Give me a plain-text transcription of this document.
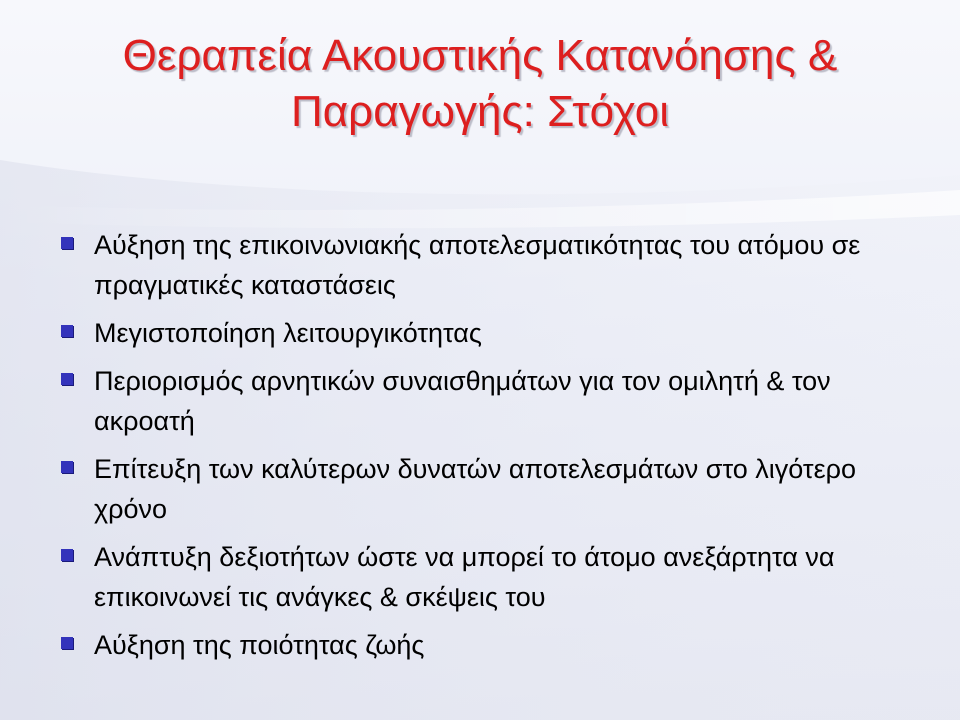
Θεραπεία Ακουστικής Κατανόησης &
Παραγωγής: Στόχοι
Αύξηση της επικοινωνιακής αποτελεσματικότητας του ατόμου σε πραγματικές καταστάσεις
Μεγιστοποίηση λειτουργικότητας
Περιορισμός αρνητικών συναισθημάτων για τον ομιλητή & τον ακροατή
Επίτευξη των καλύτερων δυνατών αποτελεσμάτων στο λιγότερο χρόνο
Ανάπτυξη δεξιοτήτων ώστε να μπορεί το άτομο ανεξάρτητα να επικοινωνεί τις ανάγκες & σκέψεις του
Αύξηση της ποιότητας ζωής
